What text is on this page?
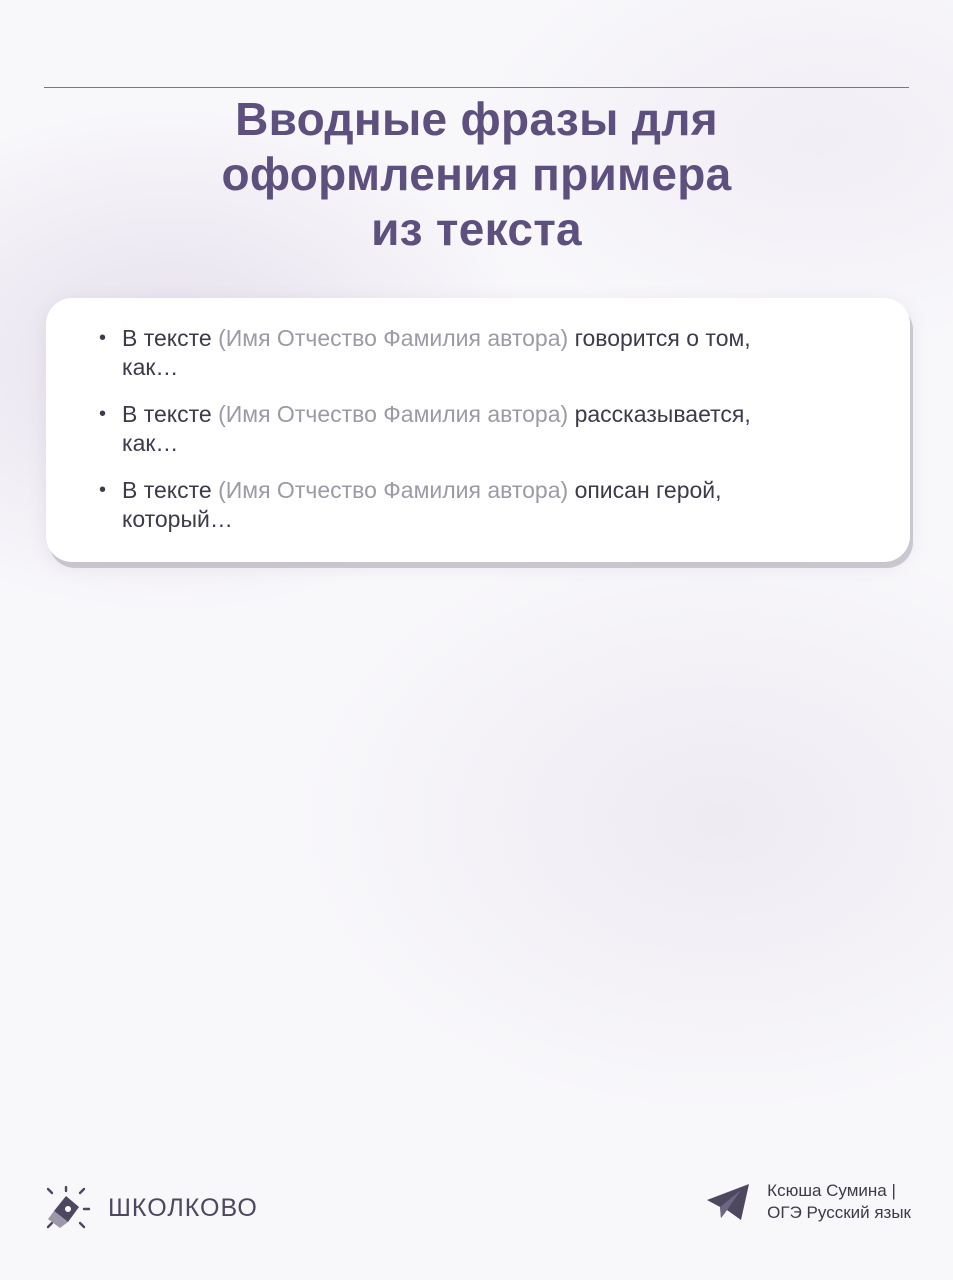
Вводные фразы для
оформления примера
из текста
• В тексте (Имя Отчество Фамилия автора) говорится о том,
как…
• В тексте (Имя Отчество Фамилия автора) рассказывается,
как…
• В тексте (Имя Отчество Фамилия автора) описан герой,
который…
ШКОЛКОВО
Ксюша Сумина |
ОГЭ Русский язык
